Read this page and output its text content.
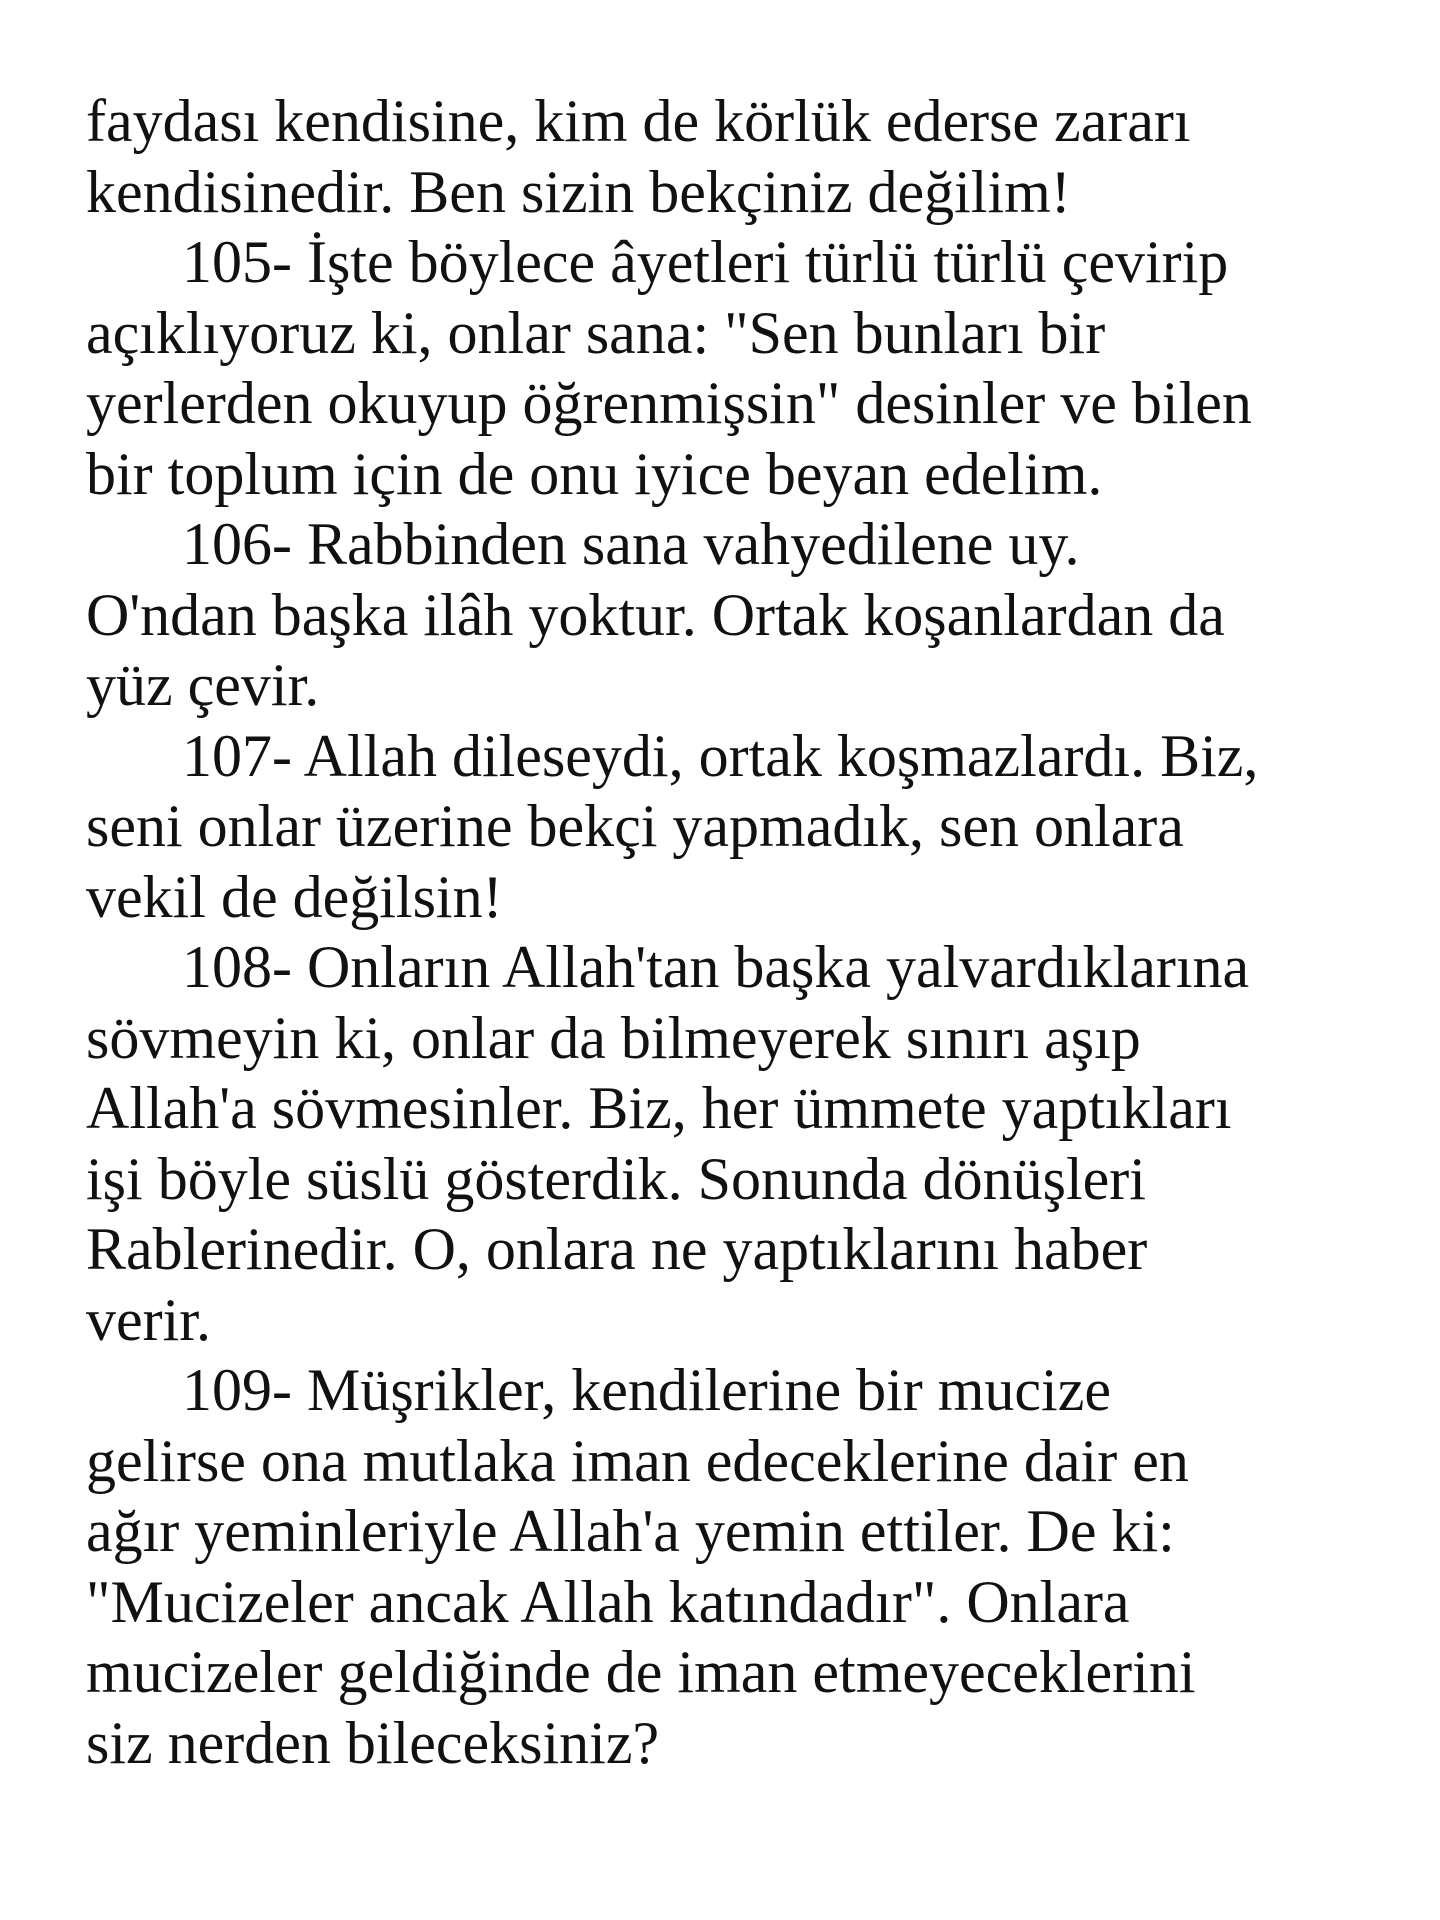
faydası kendisine, kim de körlük ederse zararı
kendisinedir. Ben sizin bekçiniz değilim!
105- İşte böylece âyetleri türlü türlü çevirip
açıklıyoruz ki, onlar sana: "Sen bunları bir
yerlerden okuyup öğrenmişsin" desinler ve bilen
bir toplum için de onu iyice beyan edelim.
106- Rabbinden sana vahyedilene uy.
O'ndan başka ilâh yoktur. Ortak koşanlardan da
yüz çevir.
107- Allah dileseydi, ortak koşmazlardı. Biz,
seni onlar üzerine bekçi yapmadık, sen onlara
vekil de değilsin!
108- Onların Allah'tan başka yalvardıklarına
sövmeyin ki, onlar da bilmeyerek sınırı aşıp
Allah'a sövmesinler. Biz, her ümmete yaptıkları
işi böyle süslü gösterdik. Sonunda dönüşleri
Rablerinedir. O, onlara ne yaptıklarını haber
verir.
109- Müşrikler, kendilerine bir mucize
gelirse ona mutlaka iman edeceklerine dair en
ağır yeminleriyle Allah'a yemin ettiler. De ki:
"Mucizeler ancak Allah katındadır". Onlara
mucizeler geldiğinde de iman etmeyeceklerini
siz nerden bileceksiniz?
